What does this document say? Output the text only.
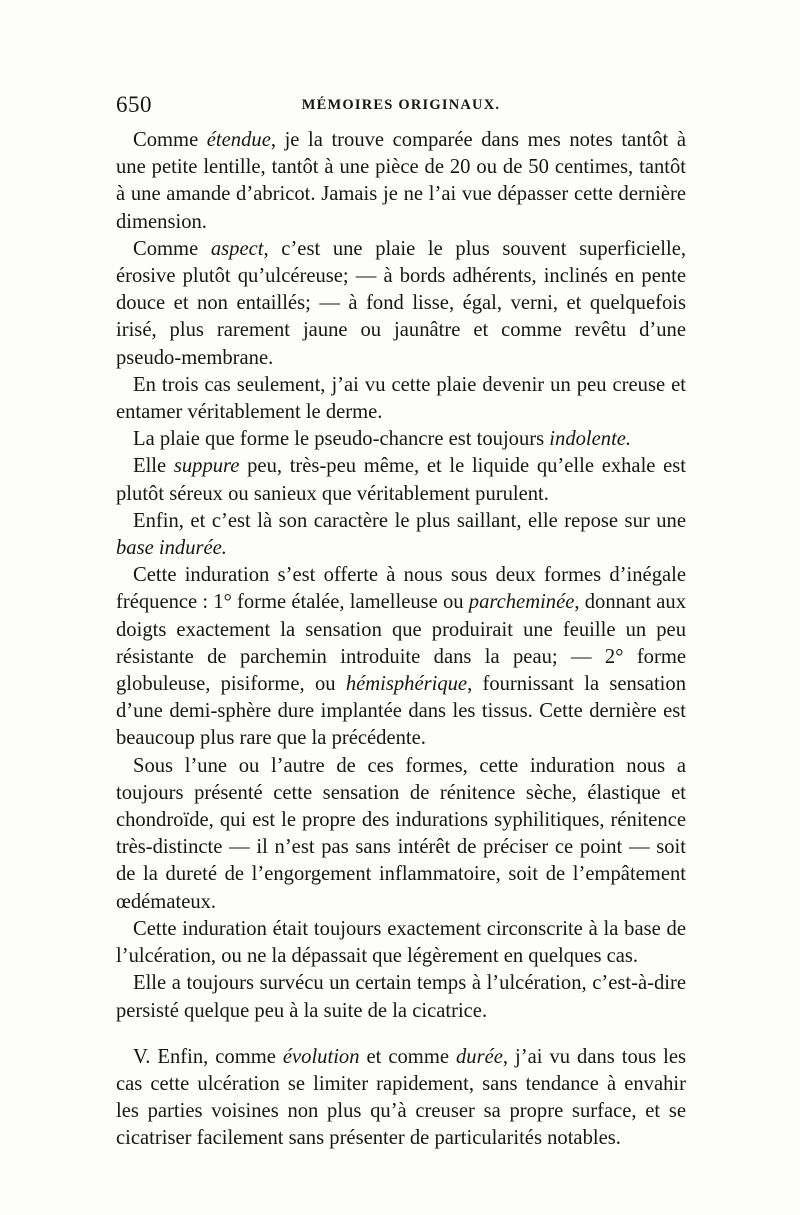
650	MÉMOIRES ORIGINAUX.

Comme étendue, je la trouve comparée dans mes notes tantôt à une petite lentille, tantôt à une pièce de 20 ou de 50 centimes, tantôt à une amande d’abricot. Jamais je ne l’ai vue dépasser cette dernière dimension.

Comme aspect, c’est une plaie le plus souvent superficielle, érosive plutôt qu’ulcéreuse; — à bords adhérents, inclinés en pente douce et non entaillés; — à fond lisse, égal, verni, et quelquefois irisé, plus rarement jaune ou jaunâtre et comme revêtu d’une pseudo-membrane.

En trois cas seulement, j’ai vu cette plaie devenir un peu creuse et entamer véritablement le derme.

La plaie que forme le pseudo-chancre est toujours indolente.

Elle suppure peu, très-peu même, et le liquide qu’elle exhale est plutôt séreux ou sanieux que véritablement purulent.

Enfin, et c’est là son caractère le plus saillant, elle repose sur une base indurée.

Cette induration s’est offerte à nous sous deux formes d’inégale fréquence : 1° forme étalée, lamelleuse ou parcheminée, donnant aux doigts exactement la sensation que produirait une feuille un peu résistante de parchemin introduite dans la peau; — 2° forme globuleuse, pisiforme, ou hémisphérique, fournissant la sensation d’une demi-sphère dure implantée dans les tissus. Cette dernière est beaucoup plus rare que la précédente.

Sous l’une ou l’autre de ces formes, cette induration nous a toujours présenté cette sensation de rénitence sèche, élastique et chondroïde, qui est le propre des indurations syphilitiques, rénitence très-distincte — il n’est pas sans intérêt de préciser ce point — soit de la dureté de l’engorgement inflammatoire, soit de l’empâtement œdémateux.

Cette induration était toujours exactement circonscrite à la base de l’ulcération, ou ne la dépassait que légèrement en quelques cas.

Elle a toujours survécu un certain temps à l’ulcération, c’est-à-dire persisté quelque peu à la suite de la cicatrice.

V. Enfin, comme évolution et comme durée, j’ai vu dans tous les cas cette ulcération se limiter rapidement, sans tendance à envahir les parties voisines non plus qu’à creuser sa propre surface, et se cicatriser facilement sans présenter de particularités notables.
